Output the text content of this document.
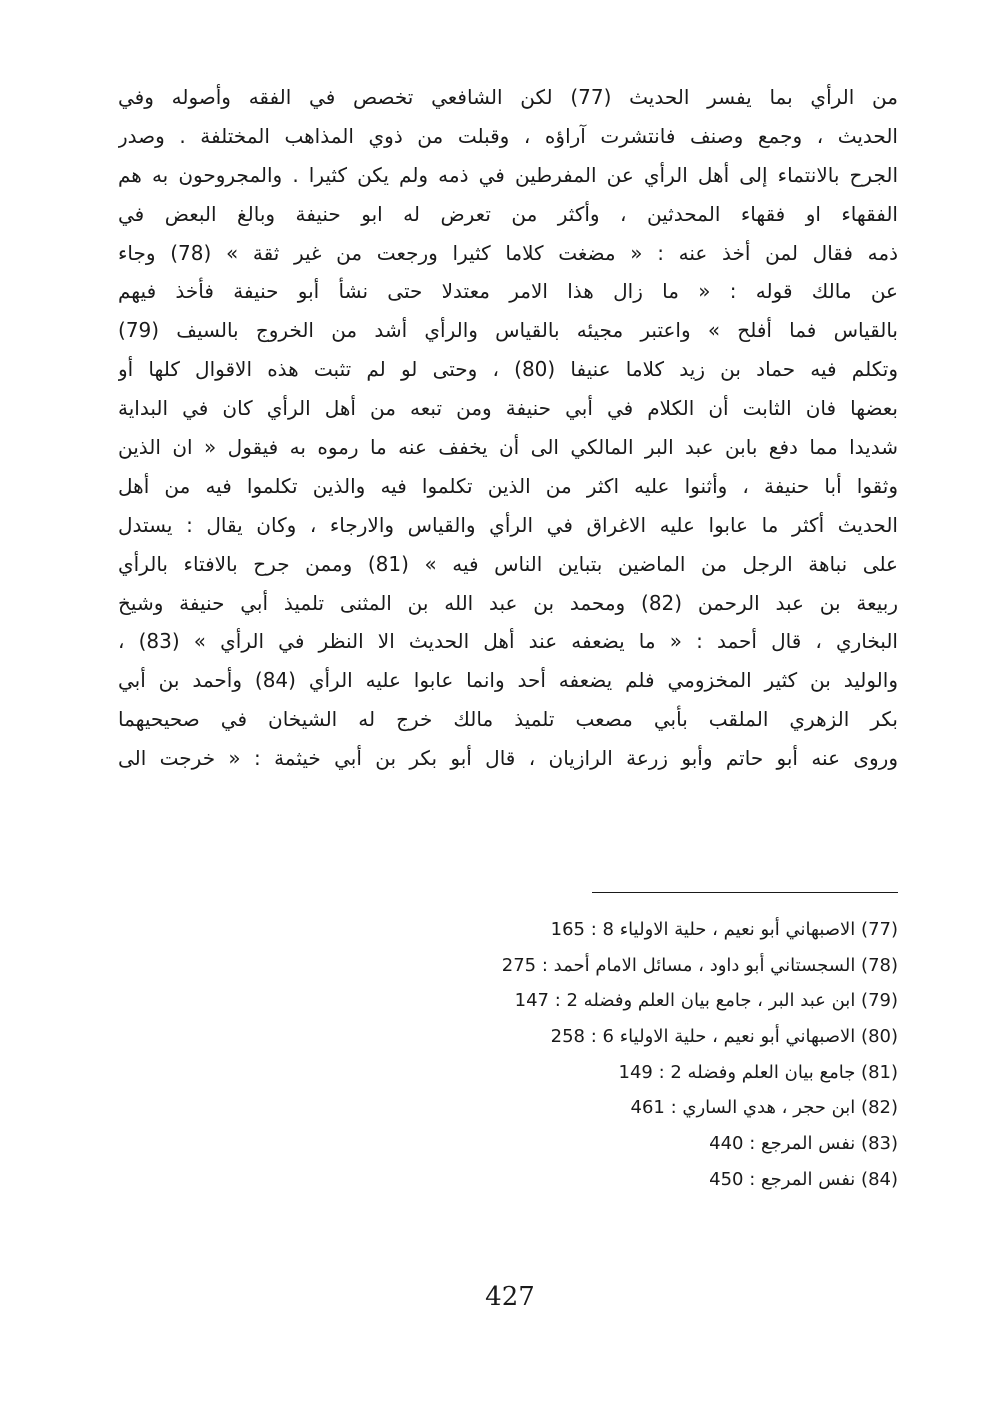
من الرأي بما يفسر الحديث (77) لكن الشافعي تخصص في الفقه وأصوله وفي
الحديث ، وجمع وصنف فانتشرت آراؤه ، وقبلت من ذوي المذاهب المختلفة . وصدر
الجرح بالانتماء إلى أهل الرأي عن المفرطين في ذمه ولم يكن كثيرا . والمجروحون به هم
الفقهاء او فقهاء المحدثين ، وأكثر من تعرض له ابو حنيفة وبالغ البعض في
ذمه فقال لمن أخذ عنه : « مضغت كلاما كثيرا ورجعت من غير ثقة » (78) وجاء
عن مالك قوله : « ما زال هذا الامر معتدلا حتى نشأ أبو حنيفة فأخذ فيهم
بالقياس فما أفلح » واعتبر مجيئه بالقياس والرأي أشد من الخروج بالسيف (79)
وتكلم فيه حماد بن زيد كلاما عنيفا (80) ، وحتى لو لم تثبت هذه الاقوال كلها أو
بعضها فان الثابت أن الكلام في أبي حنيفة ومن تبعه من أهل الرأي كان في البداية
شديدا مما دفع بابن عبد البر المالكي الى أن يخفف عنه ما رموه به فيقول « ان الذين
وثقوا أبا حنيفة ، وأثنوا عليه اكثر من الذين تكلموا فيه والذين تكلموا فيه من أهل
الحديث أكثر ما عابوا عليه الاغراق في الرأي والقياس والارجاء ، وكان يقال : يستدل
على نباهة الرجل من الماضين بتباين الناس فيه » (81) وممن جرح بالافتاء بالرأي
ربيعة بن عبد الرحمن (82) ومحمد بن عبد الله بن المثنى تلميذ أبي حنيفة وشيخ
البخاري ، قال أحمد : « ما يضعفه عند أهل الحديث الا النظر في الرأي » (83) ،
والوليد بن كثير المخزومي فلم يضعفه أحد وانما عابوا عليه الرأي (84) وأحمد بن أبي
بكر الزهري الملقب بأبي مصعب تلميذ مالك خرج له الشيخان في صحيحيهما
وروى عنه أبو حاتم وأبو زرعة الرازيان ، قال أبو بكر بن أبي خيثمة : « خرجت الى
(77) الاصبهاني أبو نعيم ، حلية الاولياء 8 : 165
(78) السجستاني أبو داود ، مسائل الامام أحمد : 275
(79) ابن عبد البر ، جامع بيان العلم وفضله 2 : 147
(80) الاصبهاني أبو نعيم ، حلية الاولياء 6 : 258
(81) جامع بيان العلم وفضله 2 : 149
(82) ابن حجر ، هدي الساري : 461
(83) نفس المرجع : 440
(84) نفس المرجع : 450
427
